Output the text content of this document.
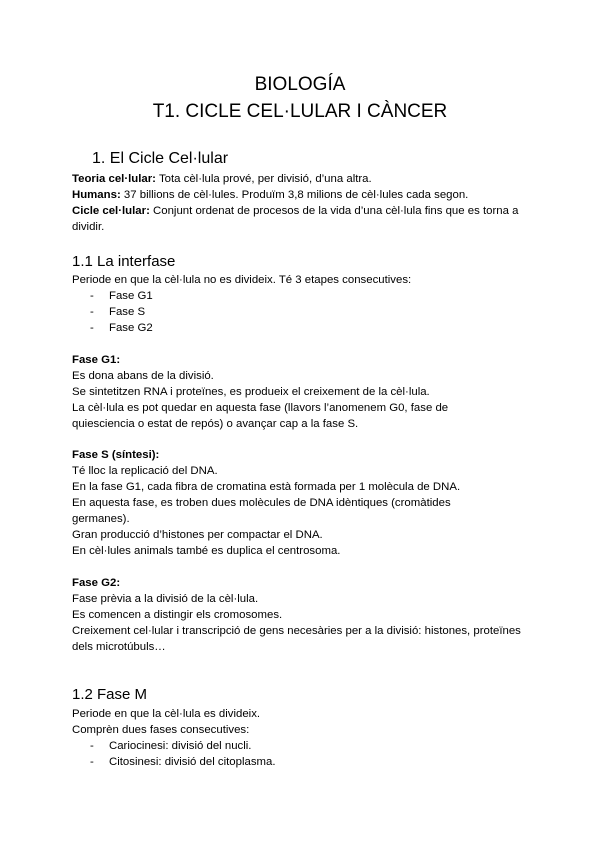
BIOLOGÍA
T1. CICLE CEL·LULAR I CÀNCER
1. El Cicle Cel·lular

Teoria cel·lular: Tota cèl·lula prové, per divisió, d’una altra.

Humans: 37 billions de cèl·lules. Produïm 3,8 milions de cèl·lules cada segon.

Cicle cel·lular: Conjunt ordenat de procesos de la vida d’una cèl·lula fins que es torna a dividir.

1.1 La interfase

Periode en que la cèl·lula no es divideix. Té 3 etapes consecutives:

- Fase G1
- Fase S
- Fase G2

Fase G1:

Es dona abans de la divisió.

Se sintetitzen RNA i proteïnes, es produeix el creixement de la cèl·lula.

La cèl·lula es pot quedar en aquesta fase (llavors l’anomenem G0, fase de quiesciencia o estat de repós) o avançar cap a la fase S.

Fase S (síntesi):

Té lloc la replicació del DNA.

En la fase G1, cada fibra de cromatina està formada per 1 molècula de DNA.

En aquesta fase, es troben dues molècules de DNA idèntiques (cromàtides germanes).

Gran producció d’histones per compactar el DNA.

En cèl·lules animals també es duplica el centrosoma.

Fase G2:

Fase prèvia a la divisió de la cèl·lula.

Es comencen a distingir els cromosomes.

Creixement cel·lular i transcripció de gens necesàries per a la divisió: histones, proteïnes dels microtúbuls…

1.2 Fase M

Periode en que la cèl·lula es divideix.

Comprèn dues fases consecutives:

- Cariocinesi: divisió del nucli.
- Citosinesi: divisió del citoplasma.
